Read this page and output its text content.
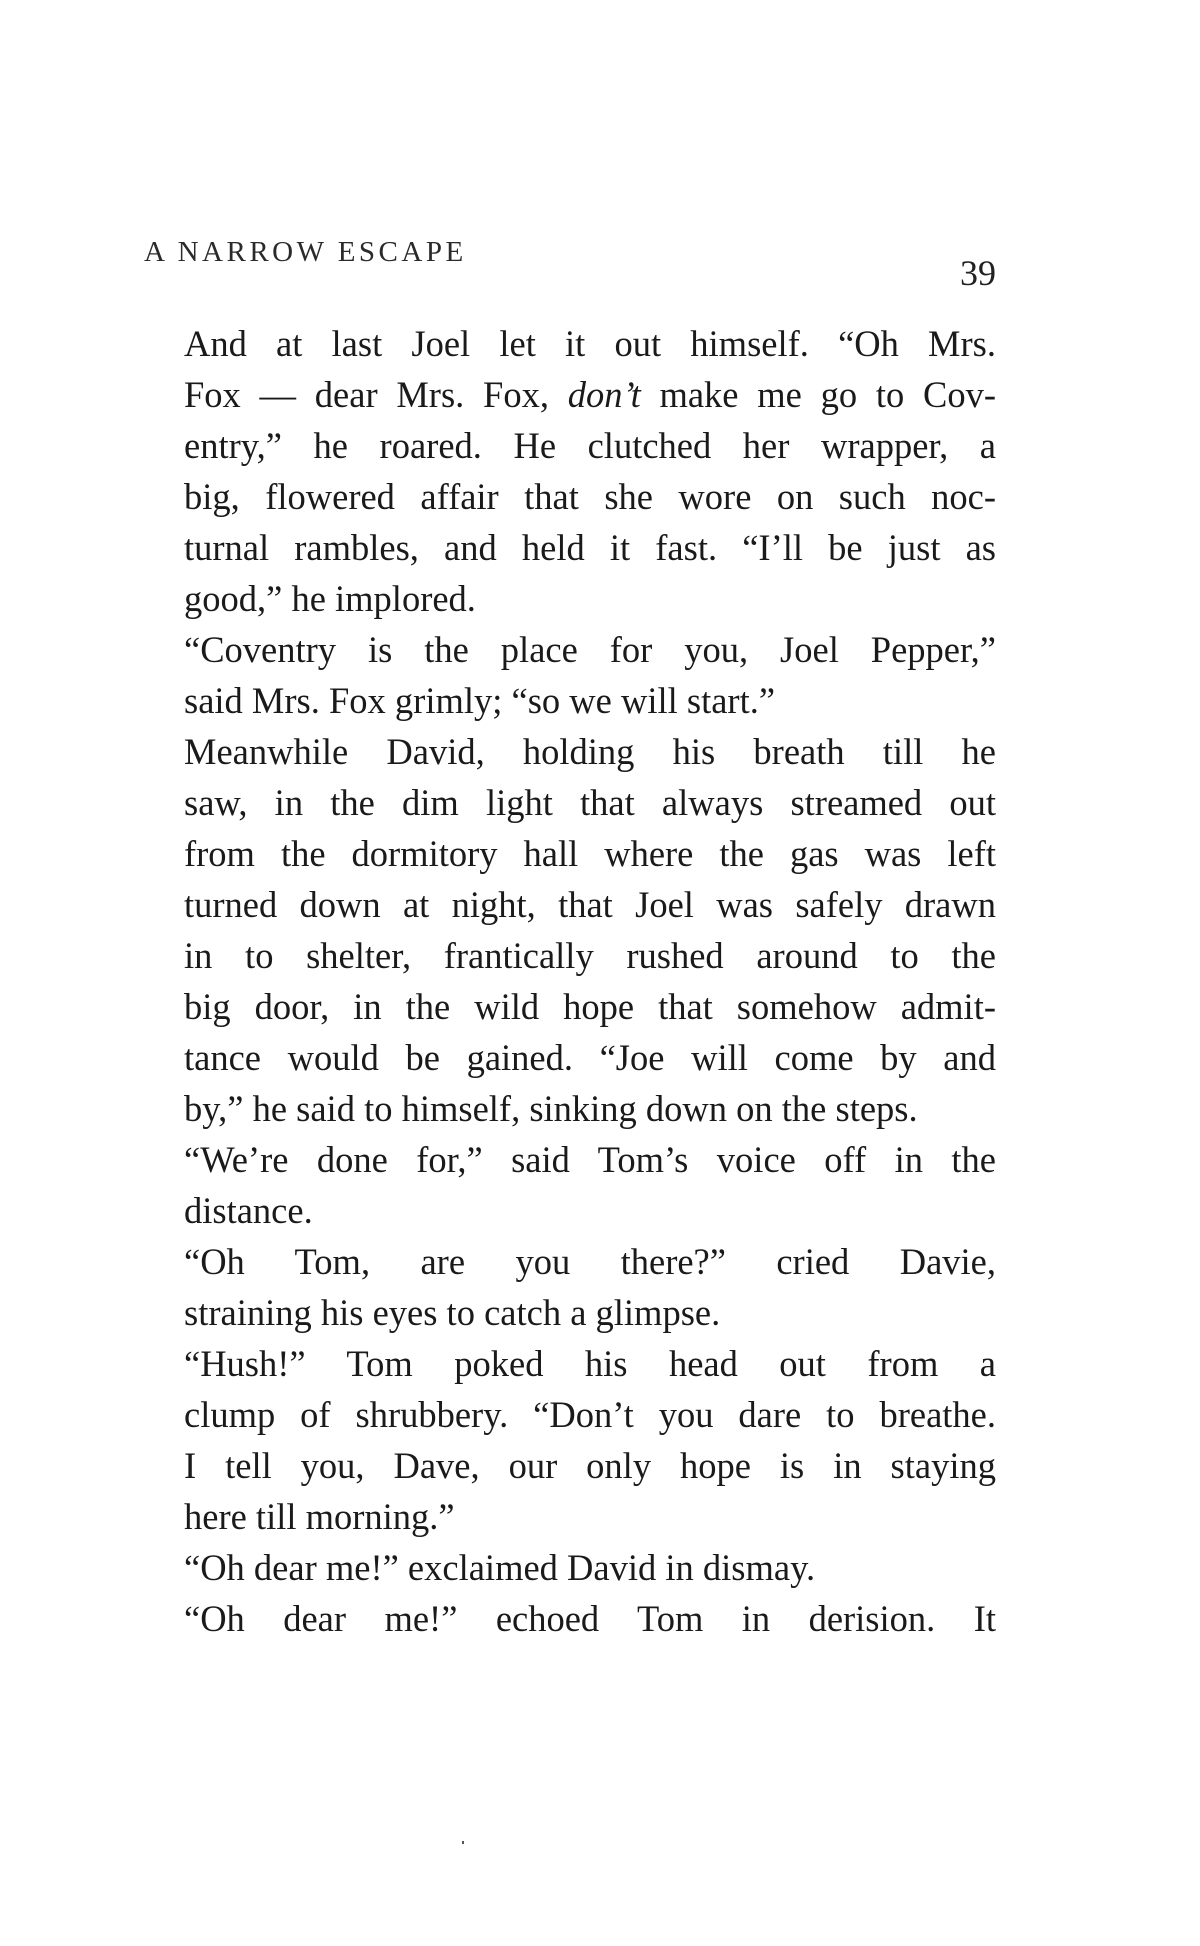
A NARROW ESCAPE
39

And at last Joel let it out himself. “Oh Mrs.
Fox — dear Mrs. Fox, don’t make me go to Cov-
entry,” he roared. He clutched her wrapper, a
big, flowered affair that she wore on such noc-
turnal rambles, and held it fast. “I’ll be just as
good,” he implored.

“Coventry is the place for you, Joel Pepper,”
said Mrs. Fox grimly; “so we will start.”

Meanwhile David, holding his breath till he
saw, in the dim light that always streamed out
from the dormitory hall where the gas was left
turned down at night, that Joel was safely drawn
in to shelter, frantically rushed around to the
big door, in the wild hope that somehow admit-
tance would be gained. “Joe will come by and
by,” he said to himself, sinking down on the steps.

“We’re done for,” said Tom’s voice off in the
distance.

“Oh Tom, are you there?” cried Davie,
straining his eyes to catch a glimpse.

“Hush!” Tom poked his head out from a
clump of shrubbery. “Don’t you dare to breathe.
I tell you, Dave, our only hope is in staying
here till morning.”

“Oh dear me!” exclaimed David in dismay.

“Oh dear me!” echoed Tom in derision. It
